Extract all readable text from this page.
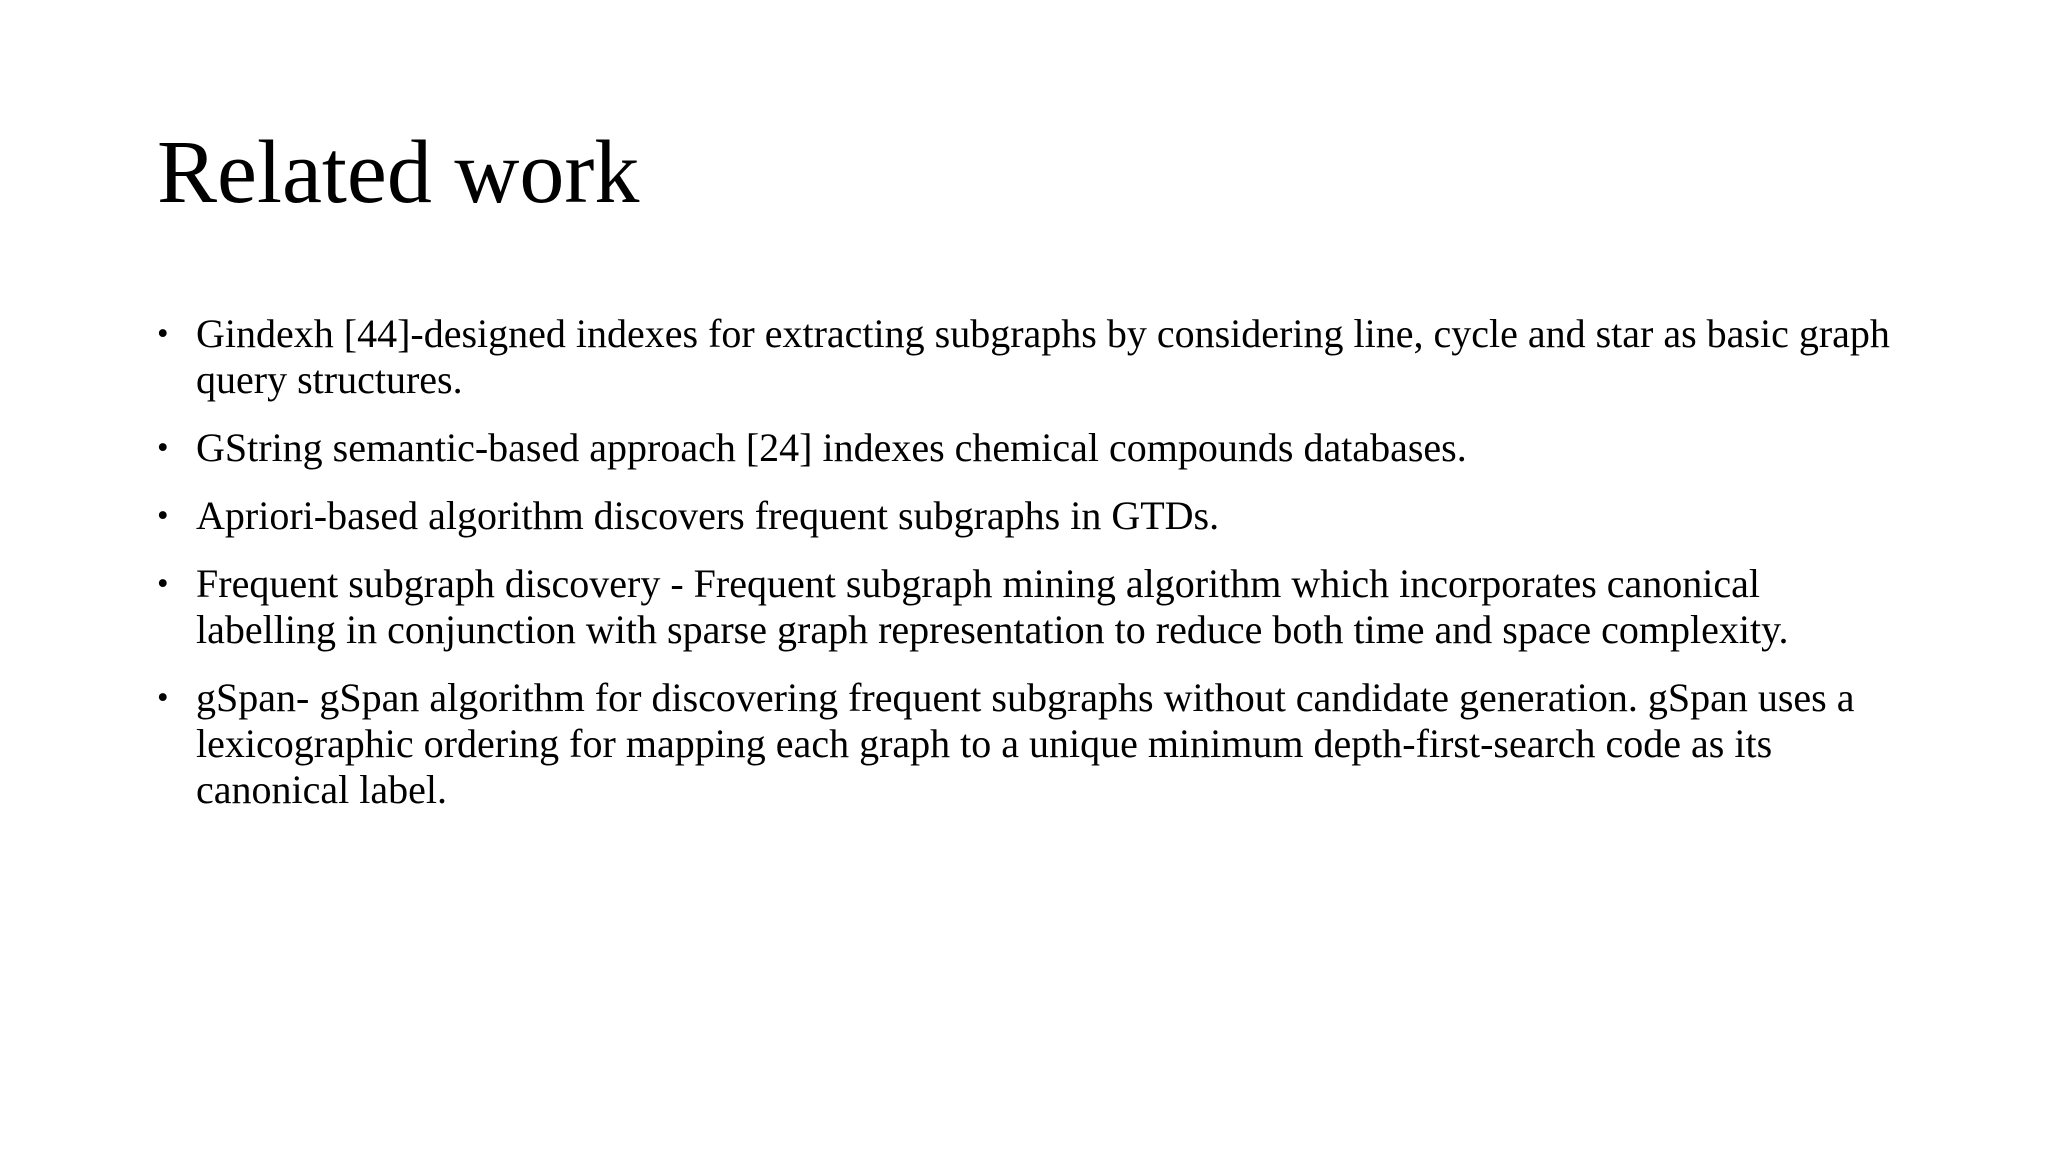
Related work
• Gindexh [44]-designed indexes for extracting subgraphs by considering line, cycle and star as basic graph query structures.
• GString semantic-based approach [24] indexes chemical compounds databases.
• Apriori-based algorithm discovers frequent subgraphs in GTDs.
• Frequent subgraph discovery - Frequent subgraph mining algorithm which incorporates canonical labelling in conjunction with sparse graph representation to reduce both time and space complexity.
• gSpan- gSpan algorithm for discovering frequent subgraphs without candidate generation. gSpan uses a lexicographic ordering for mapping each graph to a unique minimum depth-first-search code as its canonical label.
